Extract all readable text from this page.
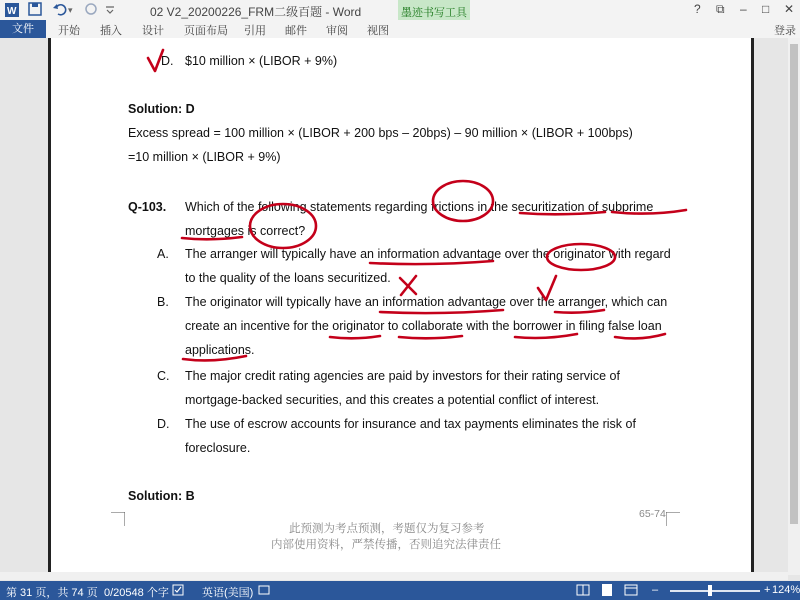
W	▾	02 V2_20200226_FRM二级百题 - Word	墨迹书写工具	? ⧉ – □ ✕
文件	开始 插入 设计 页面布局 引用 邮件 审阅 视图	登录
D. $10 million × (LIBOR + 9%)
Solution: D
Excess spread = 100 million × (LIBOR + 200 bps – 20bps) – 90 million × (LIBOR + 100bps)
=10 million × (LIBOR + 9%)
Q-103. Which of the following statements regarding frictions in the securitization of subprime
mortgages is correct?
A. The arranger will typically have an information advantage over the originator with regard
to the quality of the loans securitized.
B. The originator will typically have an information advantage over the arranger, which can
create an incentive for the originator to collaborate with the borrower in filing false loan
applications.
C. The major credit rating agencies are paid by investors for their rating service of
mortgage-backed securities, and this creates a potential conflict of interest.
D. The use of escrow accounts for insurance and tax payments eliminates the risk of
foreclosure.
Solution: B
65-74
此预测为考点预测，考题仅为复习参考
内部使用资料，严禁传播，否则追究法律责任
第 31 页，共 74 页 0/20548 个字	英语(美国)	–	+ 124%
